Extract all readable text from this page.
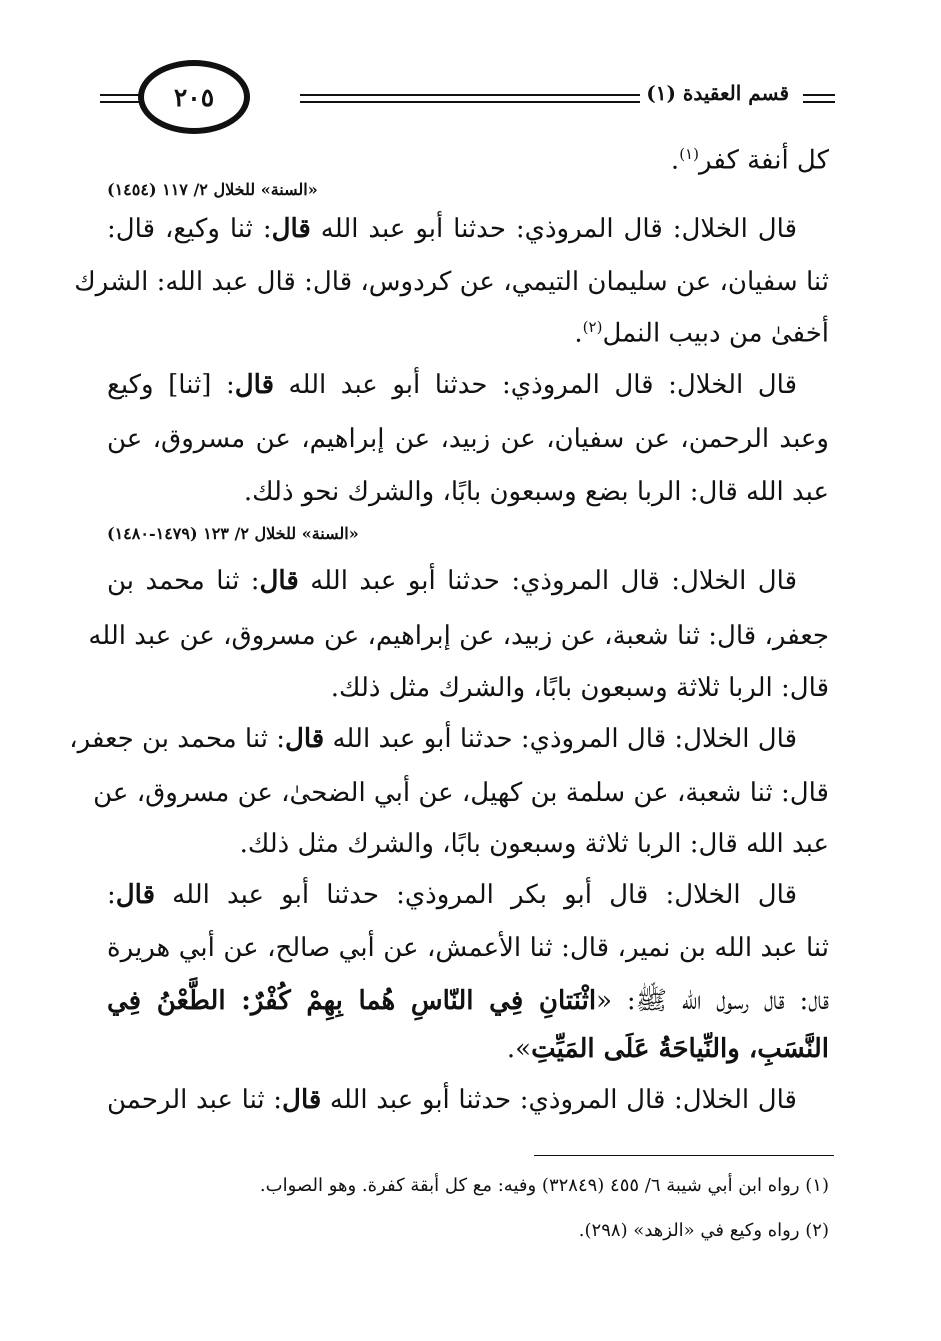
٢٠٥	قسم العقيدة (١)
كل أنفة كفر$^{(١)}$.
«السنة» للخلال ٢/ ١١٧ (١٤٥٤)
قال الخلال: قال المروذي: حدثنا أبو عبد الله قال: ثنا وكيع، قال:
ثنا سفيان، عن سليمان التيمي، عن كردوس، قال: قال عبد الله: الشرك
أخفىٰ من دبيب النمل$^{(٢)}$.
قال الخلال: قال المروذي: حدثنا أبو عبد الله قال: [ثنا] وكيع
وعبد الرحمن، عن سفيان، عن زبيد، عن إبراهيم، عن مسروق، عن
عبد الله قال: الربا بضع وسبعون بابًا، والشرك نحو ذلك.
«السنة» للخلال ٢/ ١٢٣ (١٤٧٩-١٤٨٠)
قال الخلال: قال المروذي: حدثنا أبو عبد الله قال: ثنا محمد بن
جعفر، قال: ثنا شعبة، عن زبيد، عن إبراهيم، عن مسروق، عن عبد الله
قال: الربا ثلاثة وسبعون بابًا، والشرك مثل ذلك.
قال الخلال: قال المروذي: حدثنا أبو عبد الله قال: ثنا محمد بن جعفر،
قال: ثنا شعبة، عن سلمة بن كهيل، عن أبي الضحىٰ، عن مسروق، عن
عبد الله قال: الربا ثلاثة وسبعون بابًا، والشرك مثل ذلك.
قال الخلال: قال أبو بكر المروذي: حدثنا أبو عبد الله قال:
ثنا عبد الله بن نمير، قال: ثنا الأعمش، عن أبي صالح، عن أبي هريرة
قال: قال رسول الله ﷺ: «اثْنَتانِ فِي النّاسِ هُما بِهِمْ كُفْرٌ: الطَّعْنُ فِي
النَّسَبِ، والنِّياحَةُ عَلَى المَيِّتِ».
قال الخلال: قال المروذي: حدثنا أبو عبد الله قال: ثنا عبد الرحمن
(١) رواه ابن أبي شيبة ٦/ ٤٥٥ (٣٢٨٤٩) وفيه: مع كل أبقة كفرة. وهو الصواب.
(٢) رواه وكيع في «الزهد» (٢٩٨).
